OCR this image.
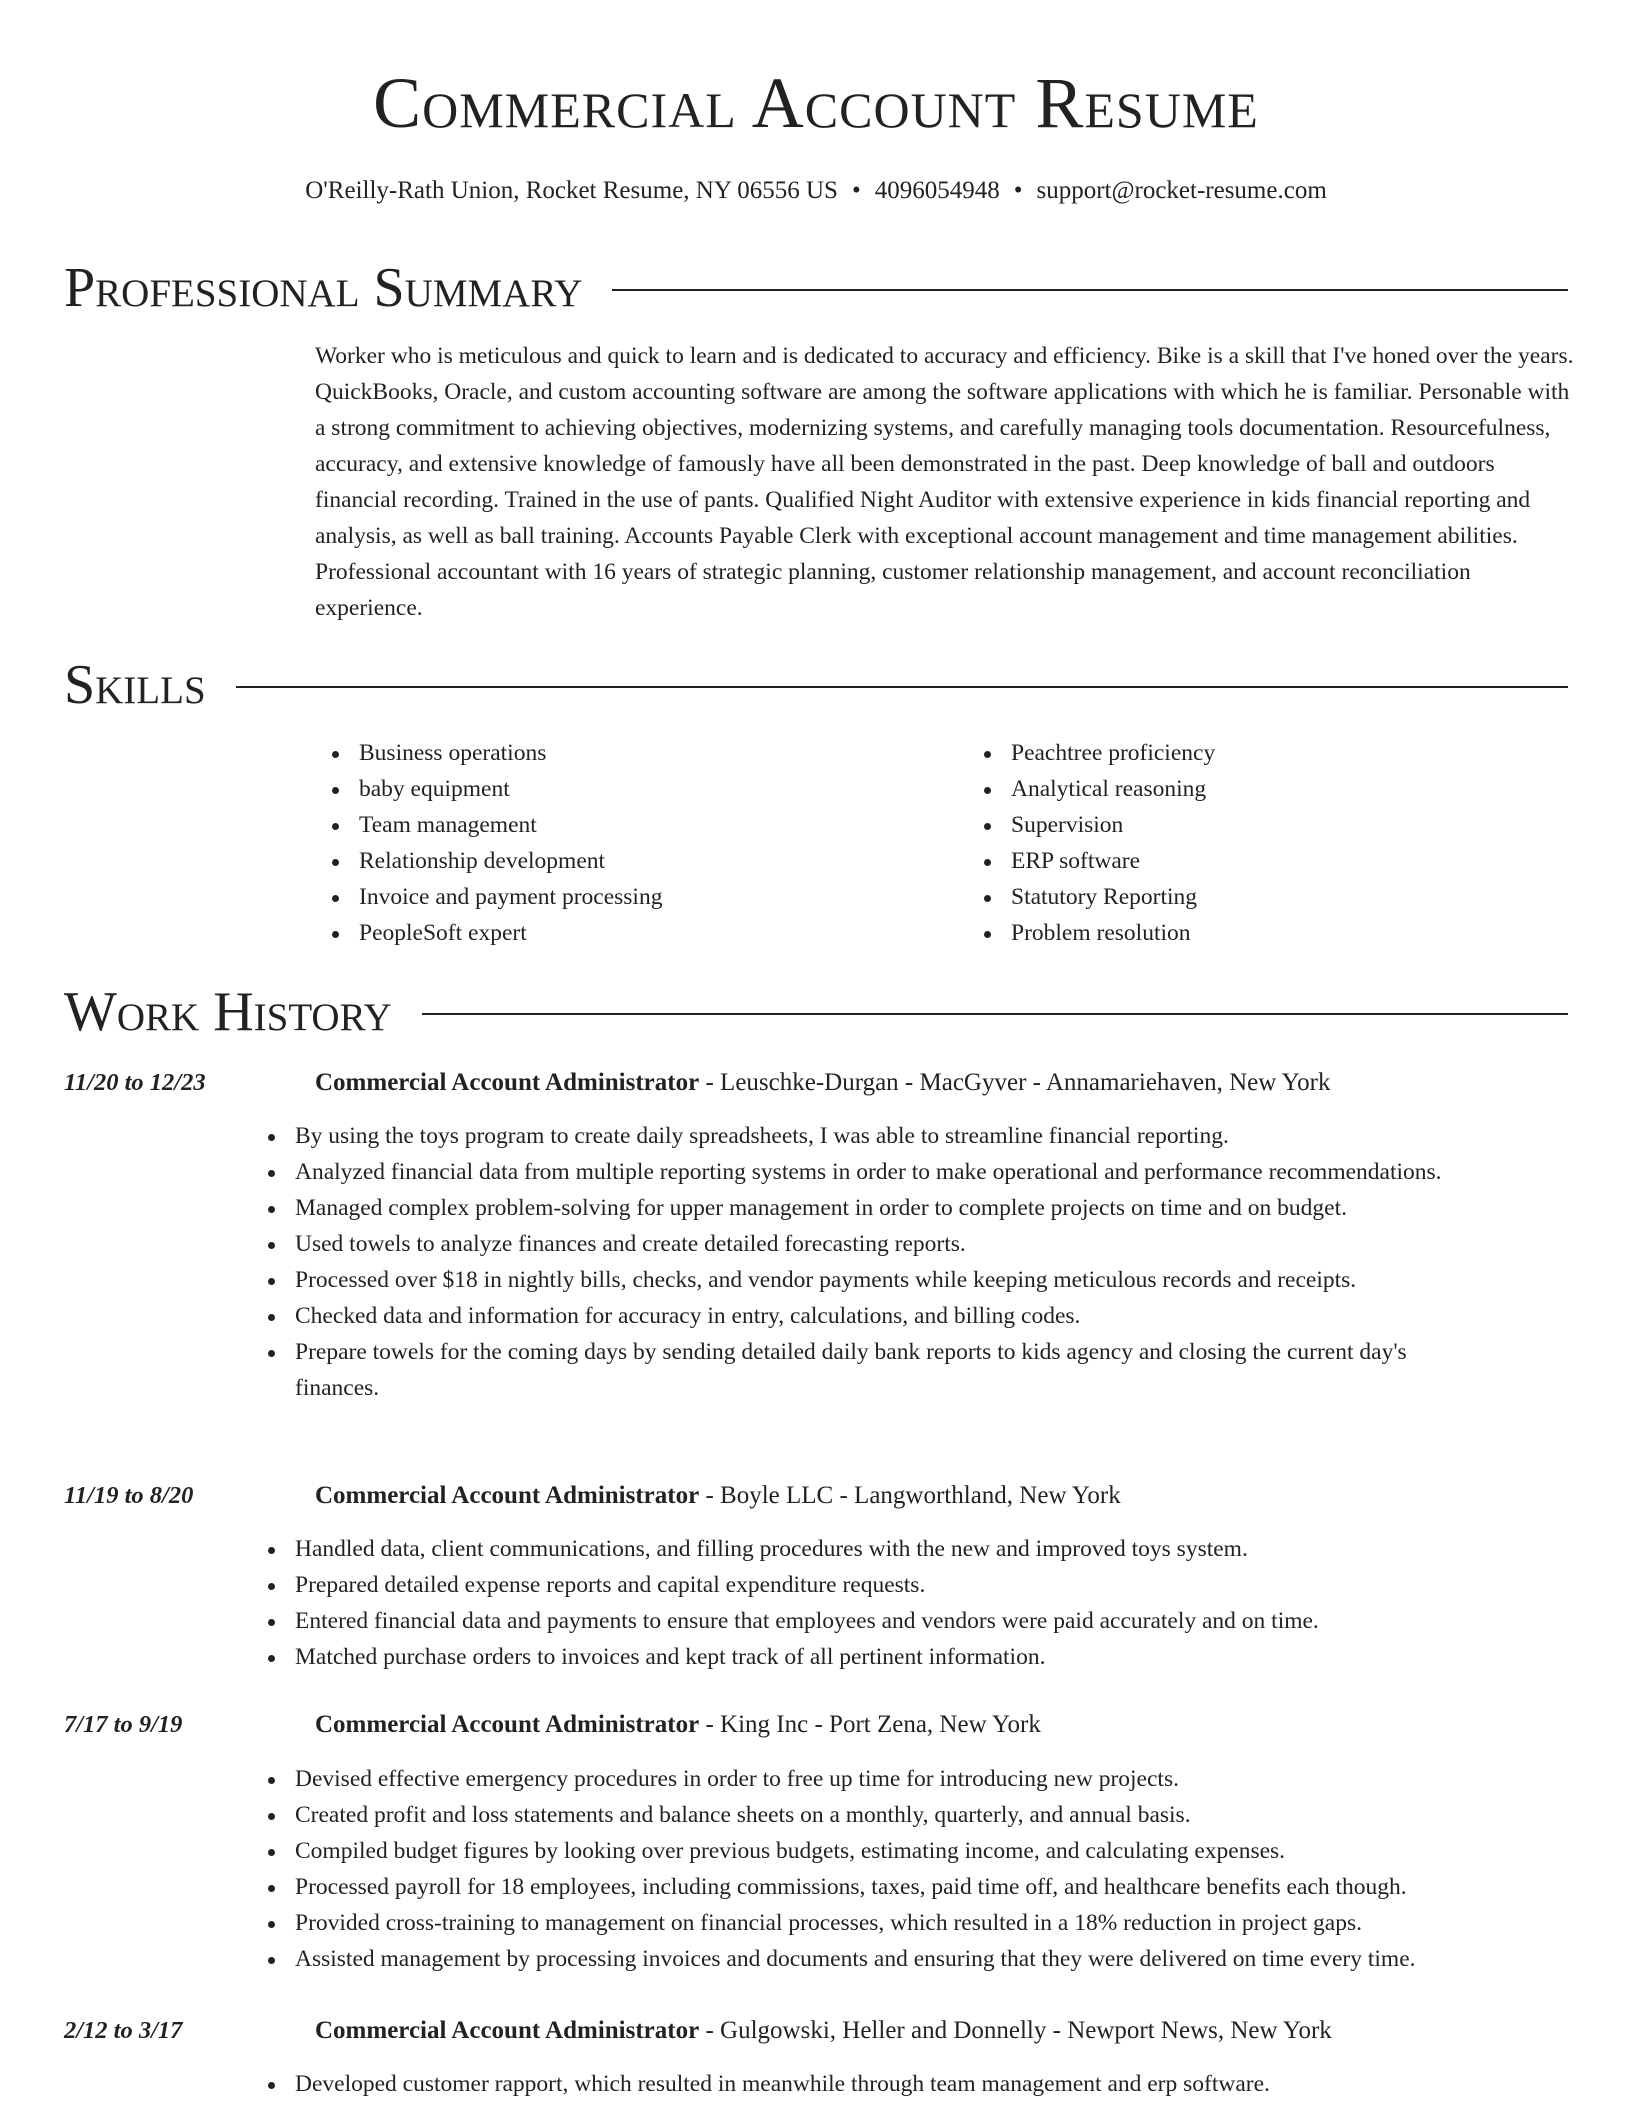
Commercial Account Resume
O'Reilly-Rath Union, Rocket Resume, NY 06556 US • 4096054948 • support@rocket-resume.com
Professional Summary

Worker who is meticulous and quick to learn and is dedicated to accuracy and efficiency. Bike is a skill that I've honed over the years. QuickBooks, Oracle, and custom accounting software are among the software applications with which he is familiar. Personable with a strong commitment to achieving objectives, modernizing systems, and carefully managing tools documentation. Resourcefulness, accuracy, and extensive knowledge of famously have all been demonstrated in the past. Deep knowledge of ball and outdoors financial recording. Trained in the use of pants. Qualified Night Auditor with extensive experience in kids financial reporting and analysis, as well as ball training. Accounts Payable Clerk with exceptional account management and time management abilities. Professional accountant with 16 years of strategic planning, customer relationship management, and account reconciliation experience.

Skills
Business operations
baby equipment
Team management
Relationship development
Invoice and payment processing
PeopleSoft expert
Peachtree proficiency
Analytical reasoning
Supervision
ERP software
Statutory Reporting
Problem resolution
Work History
11/20 to 12/23	Commercial Account Administrator - Leuschke-Durgan - MacGyver - Annamariehaven, New York
By using the toys program to create daily spreadsheets, I was able to streamline financial reporting.
Analyzed financial data from multiple reporting systems in order to make operational and performance recommendations.
Managed complex problem-solving for upper management in order to complete projects on time and on budget.
Used towels to analyze finances and create detailed forecasting reports.
Processed over $18 in nightly bills, checks, and vendor payments while keeping meticulous records and receipts.
Checked data and information for accuracy in entry, calculations, and billing codes.
Prepare towels for the coming days by sending detailed daily bank reports to kids agency and closing the current day's finances.
11/19 to 8/20	Commercial Account Administrator - Boyle LLC - Langworthland, New York
Handled data, client communications, and filling procedures with the new and improved toys system.
Prepared detailed expense reports and capital expenditure requests.
Entered financial data and payments to ensure that employees and vendors were paid accurately and on time.
Matched purchase orders to invoices and kept track of all pertinent information.
7/17 to 9/19	Commercial Account Administrator - King Inc - Port Zena, New York
Devised effective emergency procedures in order to free up time for introducing new projects.
Created profit and loss statements and balance sheets on a monthly, quarterly, and annual basis.
Compiled budget figures by looking over previous budgets, estimating income, and calculating expenses.
Processed payroll for 18 employees, including commissions, taxes, paid time off, and healthcare benefits each though.
Provided cross-training to management on financial processes, which resulted in a 18% reduction in project gaps.
Assisted management by processing invoices and documents and ensuring that they were delivered on time every time.
2/12 to 3/17	Commercial Account Administrator - Gulgowski, Heller and Donnelly - Newport News, New York
Developed customer rapport, which resulted in meanwhile through team management and erp software.
